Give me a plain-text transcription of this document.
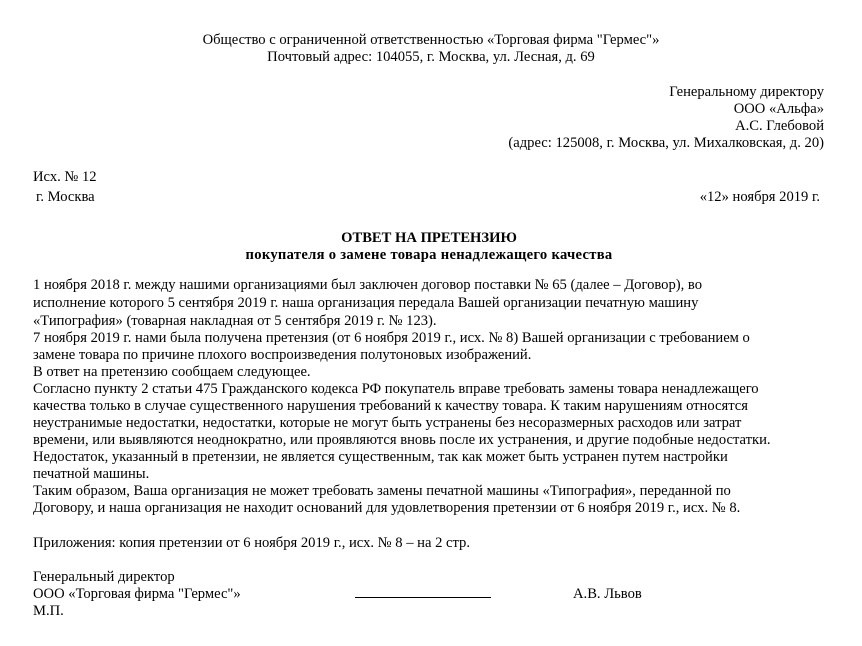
Общество с ограниченной ответственностью «Торговая фирма "Гермес"»
Почтовый адрес: 104055, г. Москва, ул. Лесная, д. 69
Генеральному директору
ООО «Альфа»
А.С. Глебовой
(адрес: 125008, г. Москва, ул. Михалковская, д. 20)
Исх. № 12
г. Москва	«12» ноября 2019 г.
ОТВЕТ НА ПРЕТЕНЗИЮ
покупателя о замене товара ненадлежащего качества
1 ноября 2018 г. между нашими организациями был заключен договор поставки № 65 (далее – Договор), во
исполнение которого 5 сентября 2019 г. наша организация передала Вашей организации печатную машину
«Типография» (товарная накладная от 5 сентября 2019 г. № 123).
7 ноября 2019 г. нами была получена претензия (от 6 ноября 2019 г., исх. № 8) Вашей организации с требованием о
замене товара по причине плохого воспроизведения полутоновых изображений.
В ответ на претензию сообщаем следующее.
Согласно пункту 2 статьи 475 Гражданского кодекса РФ покупатель вправе требовать замены товара ненадлежащего
качества только в случае существенного нарушения требований к качеству товара. К таким нарушениям относятся
неустранимые недостатки, недостатки, которые не могут быть устранены без несоразмерных расходов или затрат
времени, или выявляются неоднократно, или проявляются вновь после их устранения, и другие подобные недостатки.
Недостаток, указанный в претензии, не является существенным, так как может быть устранен путем настройки
печатной машины.
Таким образом, Ваша организация не может требовать замены печатной машины «Типография», переданной по
Договору, и наша организация не находит оснований для удовлетворения претензии от 6 ноября 2019 г., исх. № 8.
Приложения: копия претензии от 6 ноября 2019 г., исх. № 8 – на 2 стр.
Генеральный директор
ООО «Торговая фирма "Гермес"»	А.В. Львов
М.П.
